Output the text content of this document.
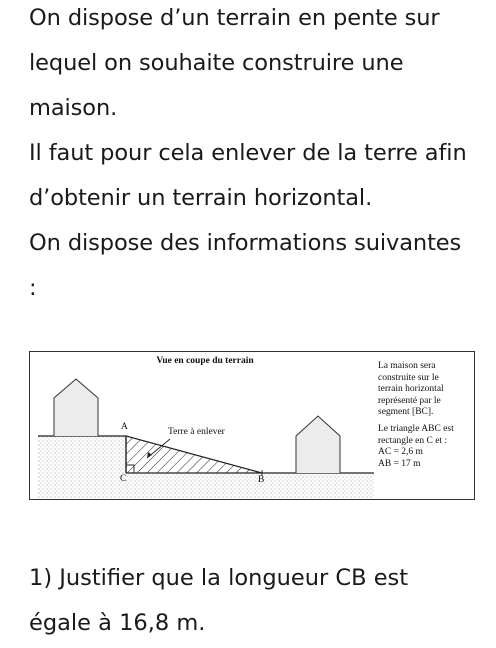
On dispose d’un terrain en pente sur
lequel on souhaite construire une
maison.
Il faut pour cela enlever de la terre afin
d’obtenir un terrain horizontal.
On dispose des informations suivantes
:
Vue en coupe du terrain
Terre à enlever
A
C	B
La maison sera
construite sur le
terrain horizontal
représenté par le
segment [BC].
Le triangle ABC est
rectangle en C et :
AC = 2,6 m
AB = 17 m
1) Justifier que la longueur CB est
égale à 16,8 m.
